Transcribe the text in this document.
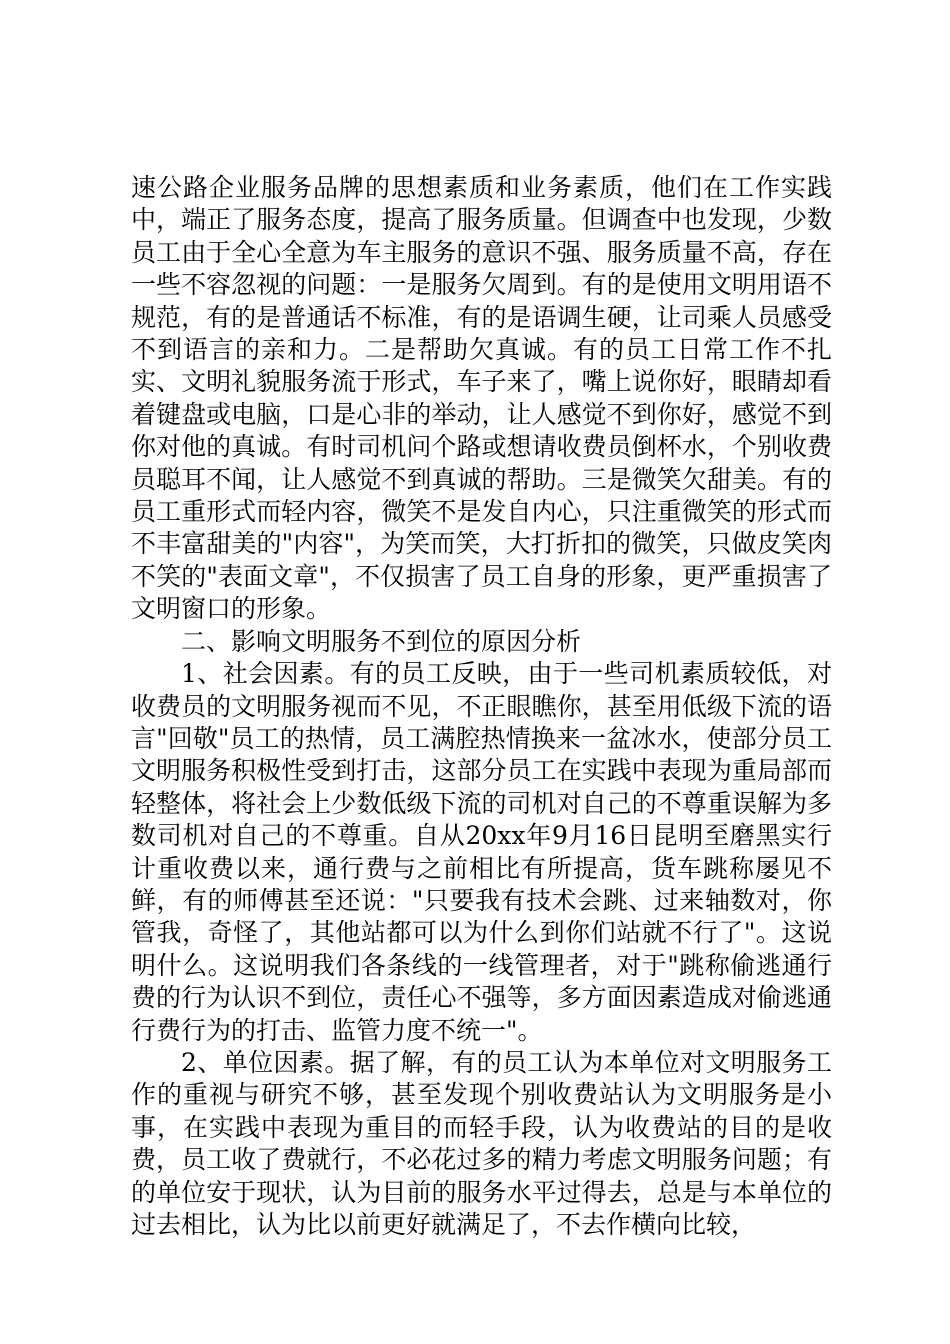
速公路企业服务品牌的思想素质和业务素质，他们在工作实践中，端正了服务态度，提高了服务质量。但调查中也发现，少数员工由于全心全意为车主服务的意识不强、服务质量不高，存在一些不容忽视的问题：一是服务欠周到。有的是使用文明用语不规范，有的是普通话不标准，有的是语调生硬，让司乘人员感受不到语言的亲和力。二是帮助欠真诚。有的员工日常工作不扎实、文明礼貌服务流于形式，车子来了，嘴上说你好，眼睛却看着键盘或电脑，口是心非的举动，让人感觉不到你好，感觉不到你对他的真诚。有时司机问个路或想请收费员倒杯水，个别收费员聪耳不闻，让人感觉不到真诚的帮助。三是微笑欠甜美。有的员工重形式而轻内容，微笑不是发自内心，只注重微笑的形式而不丰富甜美的"内容"，为笑而笑，大打折扣的微笑，只做皮笑肉不笑的"表面文章"，不仅损害了员工自身的形象，更严重损害了文明窗口的形象。

二、影响文明服务不到位的原因分析

1、社会因素。有的员工反映，由于一些司机素质较低，对收费员的文明服务视而不见，不正眼瞧你，甚至用低级下流的语言"回敬"员工的热情，员工满腔热情换来一盆冰水，使部分员工文明服务积极性受到打击，这部分员工在实践中表现为重局部而轻整体，将社会上少数低级下流的司机对自己的不尊重误解为多数司机对自己的不尊重。自从20xx年9月16日昆明至磨黑实行计重收费以来，通行费与之前相比有所提高，货车跳称屡见不鲜，有的师傅甚至还说："只要我有技术会跳、过来轴数对，你管我，奇怪了，其他站都可以为什么到你们站就不行了"。这说明什么。这说明我们各条线的一线管理者，对于"跳称偷逃通行费的行为认识不到位，责任心不强等，多方面因素造成对偷逃通行费行为的打击、监管力度不统一"。

2、单位因素。据了解，有的员工认为本单位对文明服务工作的重视与研究不够，甚至发现个别收费站认为文明服务是小事，在实践中表现为重目的而轻手段，认为收费站的目的是收费，员工收了费就行，不必花过多的精力考虑文明服务问题；有的单位安于现状，认为目前的服务水平过得去，总是与本单位的过去相比，认为比以前更好就满足了，不去作横向比较，
